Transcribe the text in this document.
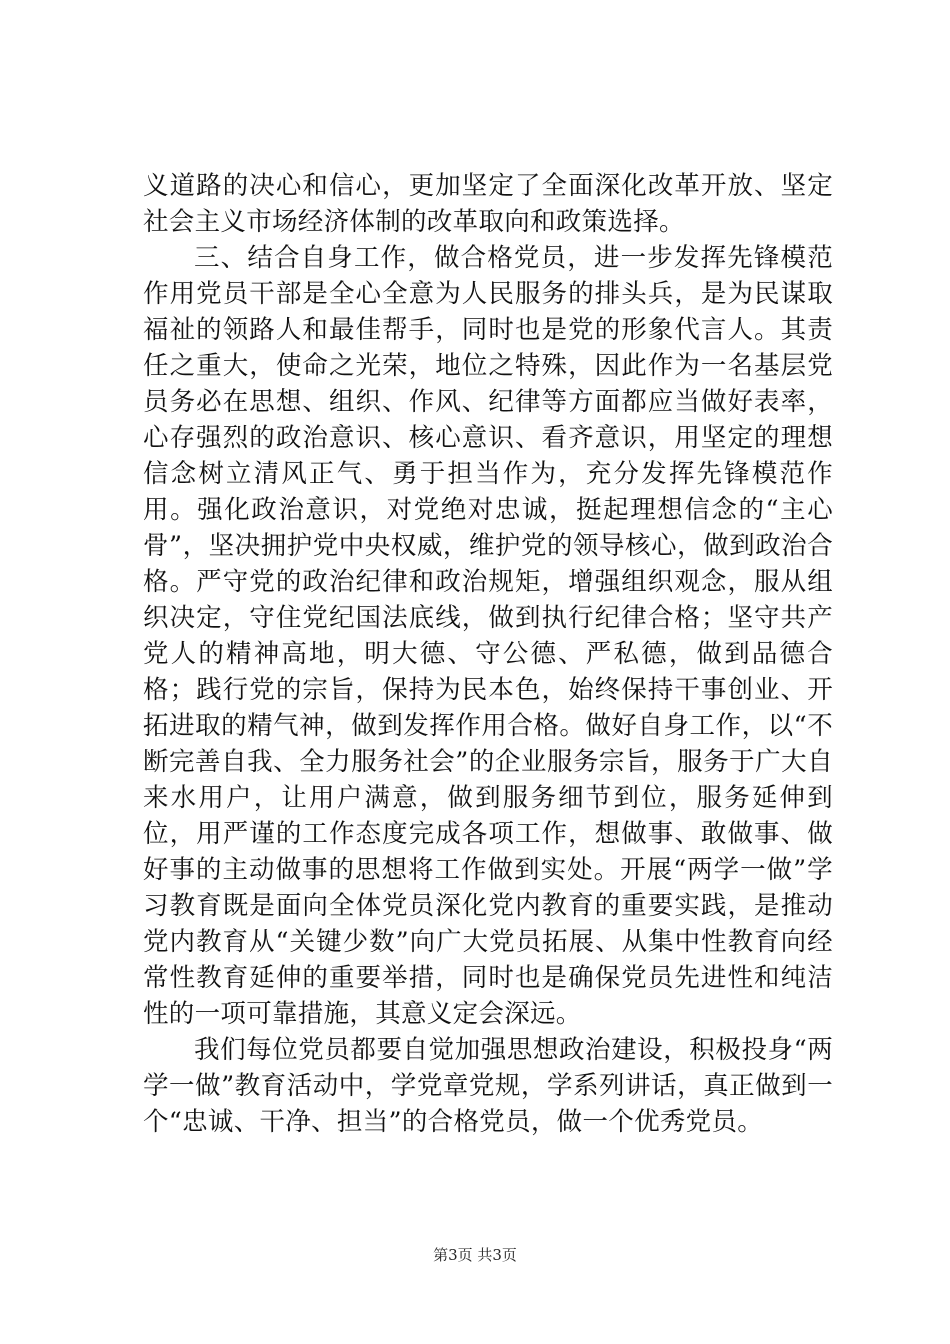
义道路的决心和信心，更加坚定了全面深化改革开放、坚定社会主义市场经济体制的改革取向和政策选择。

三、结合自身工作，做合格党员，进一步发挥先锋模范作用党员干部是全心全意为人民服务的排头兵，是为民谋取福祉的领路人和最佳帮手，同时也是党的形象代言人。其责任之重大，使命之光荣，地位之特殊，因此作为一名基层党员务必在思想、组织、作风、纪律等方面都应当做好表率，心存强烈的政治意识、核心意识、看齐意识，用坚定的理想信念树立清风正气、勇于担当作为，充分发挥先锋模范作用。强化政治意识，对党绝对忠诚，挺起理想信念的“主心骨”，坚决拥护党中央权威，维护党的领导核心，做到政治合格。严守党的政治纪律和政治规矩，增强组织观念，服从组织决定，守住党纪国法底线，做到执行纪律合格；坚守共产党人的精神高地，明大德、守公德、严私德，做到品德合格；践行党的宗旨，保持为民本色，始终保持干事创业、开拓进取的精气神，做到发挥作用合格。做好自身工作，以“不断完善自我、全力服务社会”的企业服务宗旨，服务于广大自来水用户，让用户满意，做到服务细节到位，服务延伸到位，用严谨的工作态度完成各项工作，想做事、敢做事、做好事的主动做事的思想将工作做到实处。开展“两学一做”学习教育既是面向全体党员深化党内教育的重要实践，是推动党内教育从“关键少数”向广大党员拓展、从集中性教育向经常性教育延伸的重要举措，同时也是确保党员先进性和纯洁性的一项可靠措施，其意义定会深远。

我们每位党员都要自觉加强思想政治建设，积极投身“两学一做”教育活动中，学党章党规，学系列讲话，真正做到一个“忠诚、干净、担当”的合格党员，做一个优秀党员。

第3页 共3页
